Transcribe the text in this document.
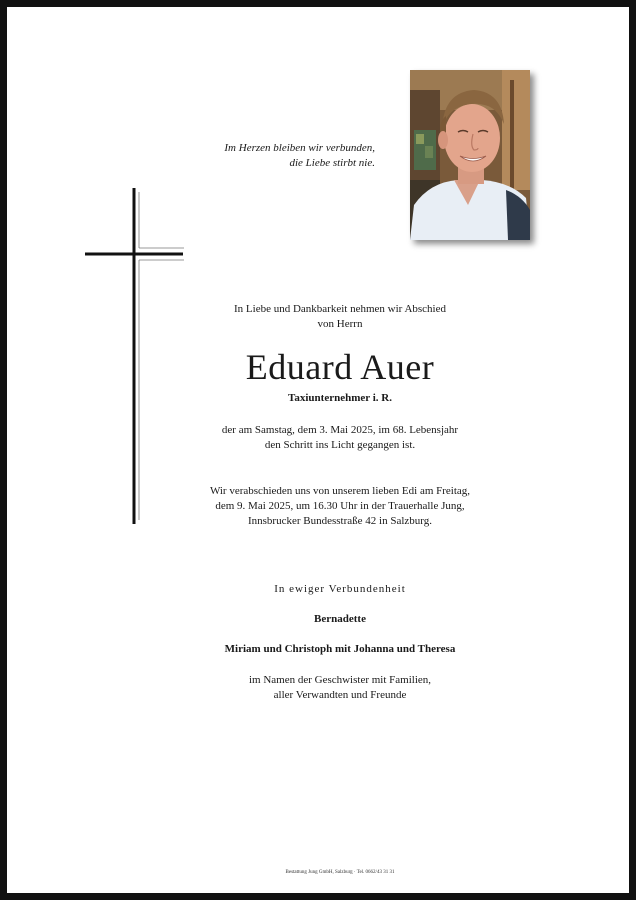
Im Herzen bleiben wir verbunden,
die Liebe stirbt nie.
In Liebe und Dankbarkeit nehmen wir Abschied
von Herrn
Eduard Auer
Taxiunternehmer i. R.
der am Samstag, dem 3. Mai 2025, im 68. Lebensjahr
den Schritt ins Licht gegangen ist.
Wir verabschieden uns von unserem lieben Edi am Freitag,
dem 9. Mai 2025, um 16.30 Uhr in der Trauerhalle Jung,
Innsbrucker Bundesstraße 42 in Salzburg.
In ewiger Verbundenheit
Bernadette
Miriam und Christoph mit Johanna und Theresa
im Namen der Geschwister mit Familien,
aller Verwandten und Freunde
Bestattung Jung GmbH, Salzburg · Tel. 0662/43 31 31
